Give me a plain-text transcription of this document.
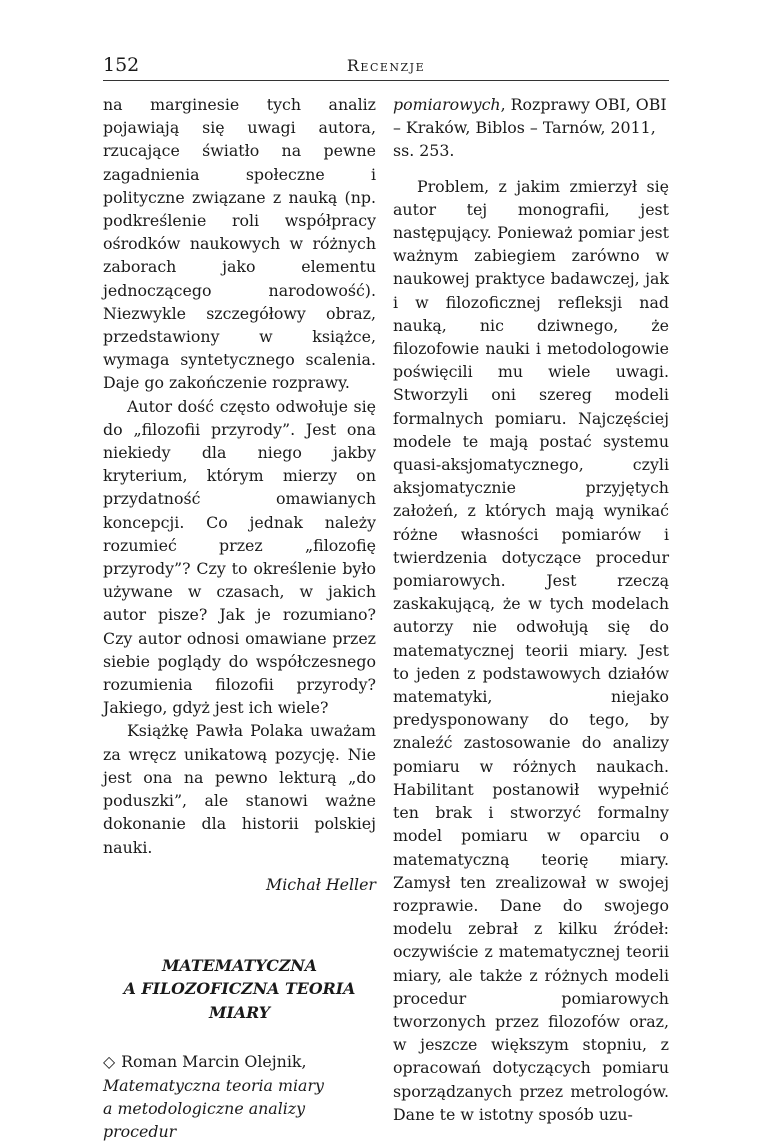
152	Recenzje

na marginesie tych analiz pojawiają się uwagi autora, rzucające światło na pewne zagadnienia społeczne i polityczne związane z nauką (np. podkreślenie roli współpracy ośrodków naukowych w różnych zaborach jako elementu jednoczącego narodowość). Niezwykle szczegółowy obraz, przedstawiony w książce, wymaga syntetycznego scalenia. Daje go zakończenie rozprawy.

Autor dość często odwołuje się do „filozofii przyrody”. Jest ona niekiedy dla niego jakby kryterium, którym mierzy on przydatność omawianych koncepcji. Co jednak należy rozumieć przez „filozofię przyrody”? Czy to określenie było używane w czasach, w jakich autor pisze? Jak je rozumiano? Czy autor odnosi omawiane przez siebie poglądy do współczesnego rozumienia filozofii przyrody? Jakiego, gdyż jest ich wiele?

Książkę Pawła Polaka uważam za wręcz unikatową pozycję. Nie jest ona na pewno lekturą „do poduszki”, ale stanowi ważne dokonanie dla historii polskiej nauki.

Michał Heller

MATEMATYCZNA
A FILOZOFICZNA TEORIA
MIARY
◇ Roman Marcin Olejnik,
Matematyczna teoria miary
a metodologiczne analizy procedur

pomiarowych, Rozprawy OBI, OBI – Kraków, Biblos – Tarnów, 2011, ss. 253.

Problem, z jakim zmierzył się autor tej monografii, jest następujący. Ponieważ pomiar jest ważnym zabiegiem zarówno w naukowej praktyce badawczej, jak i w filozoficznej refleksji nad nauką, nic dziwnego, że filozofowie nauki i metodologowie poświęcili mu wiele uwagi. Stworzyli oni szereg modeli formalnych pomiaru. Najczęściej modele te mają postać systemu quasi-aksjomatycznego, czyli aksjomatycznie przyjętych założeń, z których mają wynikać różne własności pomiarów i twierdzenia dotyczące procedur pomiarowych. Jest rzeczą zaskakującą, że w tych modelach autorzy nie odwołują się do matematycznej teorii miary. Jest to jeden z podstawowych działów matematyki, niejako predysponowany do tego, by znaleźć zastosowanie do analizy pomiaru w różnych naukach. Habilitant postanowił wypełnić ten brak i stworzyć formalny model pomiaru w oparciu o matematyczną teorię miary. Zamysł ten zrealizował w swojej rozprawie. Dane do swojego modelu zebrał z kilku źródeł: oczywiście z matematycznej teorii miary, ale także z różnych modeli procedur pomiarowych tworzonych przez filozofów oraz, w jeszcze większym stopniu, z opracowań dotyczących pomiaru sporządzanych przez metrologów. Dane te w istotny sposób uzu-
